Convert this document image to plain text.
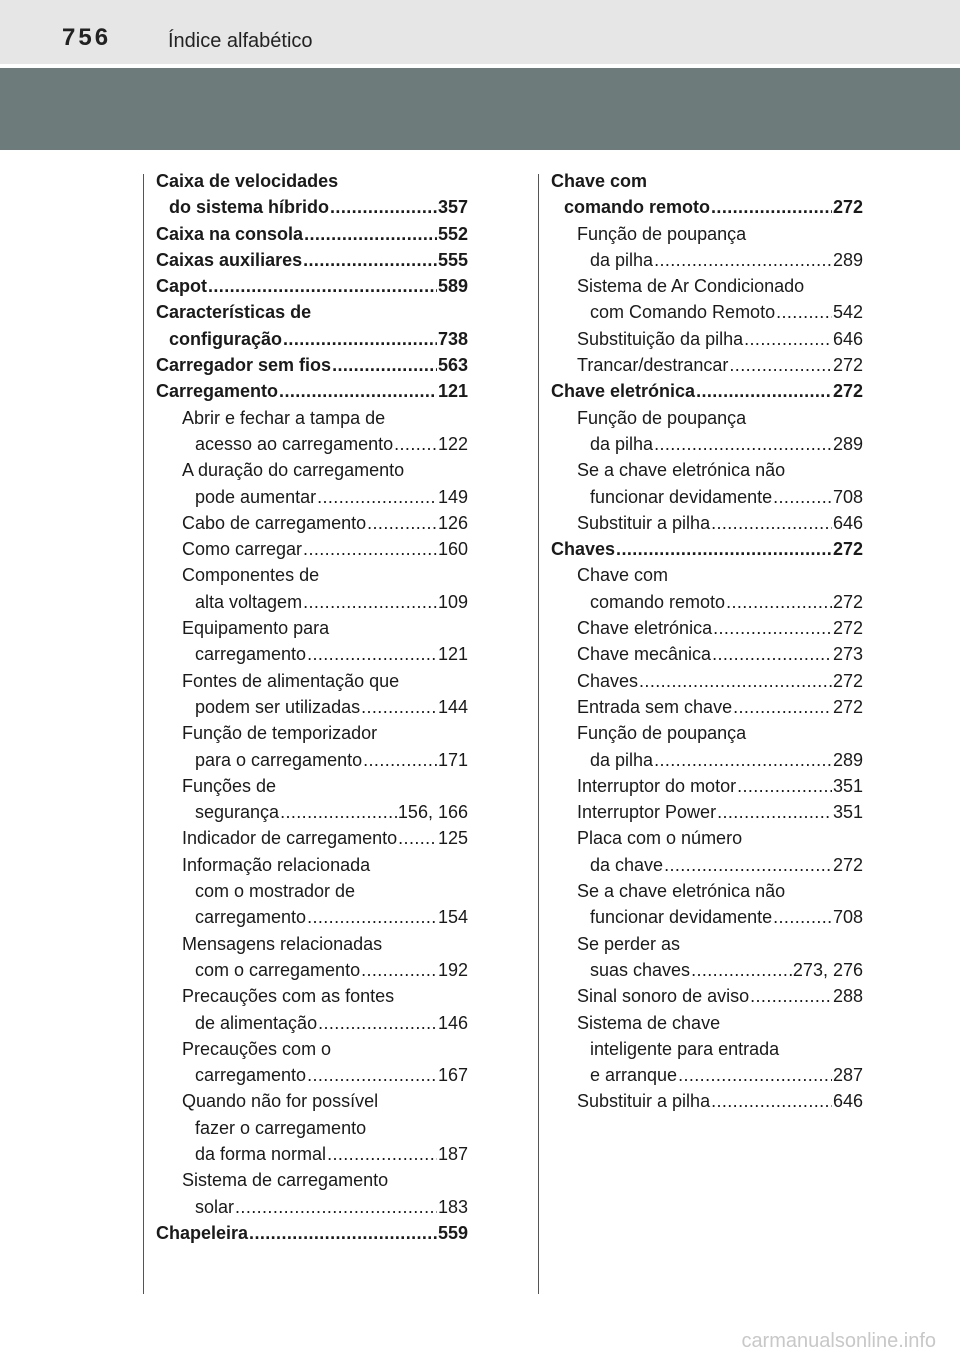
756	Índice alfabético
Caixa de velocidades
do sistema híbrido . . .	357
Caixa na consola . . .	552
Caixas auxiliares . . .	555
Capot . . .	589
Características de
configuração . . .	738
Carregador sem fios . . .	563
Carregamento . . .	121
Abrir e fechar a tampa de
acesso ao carregamento . . . 122
A duração do carregamento
pode aumentar . . .	149
Cabo de carregamento . . .	126
Como carregar . . .	160
Componentes de
alta voltagem . . .	109
Equipamento para
carregamento . . .	121
Fontes de alimentação que
podem ser utilizadas . . .	144
Função de temporizador
para o carregamento . . .	171
Funções de
segurança . . .	156, 166
Indicador de carregamento . . . 125
Informação relacionada
com o mostrador de
carregamento . . .	154
Mensagens relacionadas
com o carregamento . . .	192
Precauções com as fontes
de alimentação . . .	146
Precauções com o
carregamento . . .	167
Quando não for possível
fazer o carregamento
da forma normal . . .	187
Sistema de carregamento
solar . . .	183
Chapeleira . . .	559
Chave com
comando remoto . . .	272
Função de poupança
da pilha . . .	289
Sistema de Ar Condicionado
com Comando Remoto . . .	542
Substituição da pilha . . .	646
Trancar/destrancar . . .	272
Chave eletrónica . . .	272
Função de poupança
da pilha . . .	289
Se a chave eletrónica não
funcionar devidamente . . .	708
Substituir a pilha . . .	646
Chaves . . .	272
Chave com
comando remoto . . .	272
Chave eletrónica . . .	272
Chave mecânica . . .	273
Chaves . . .	272
Entrada sem chave . . .	272
Função de poupança
da pilha . . .	289
Interruptor do motor . . .	351
Interruptor Power . . .	351
Placa com o número
da chave . . .	272
Se a chave eletrónica não
funcionar devidamente . . .	708
Se perder as
suas chaves . . .	273, 276
Sinal sonoro de aviso . . .	288
Sistema de chave
inteligente para entrada
e arranque . . .	287
Substituir a pilha . . .	646
carmanualsonline.info
